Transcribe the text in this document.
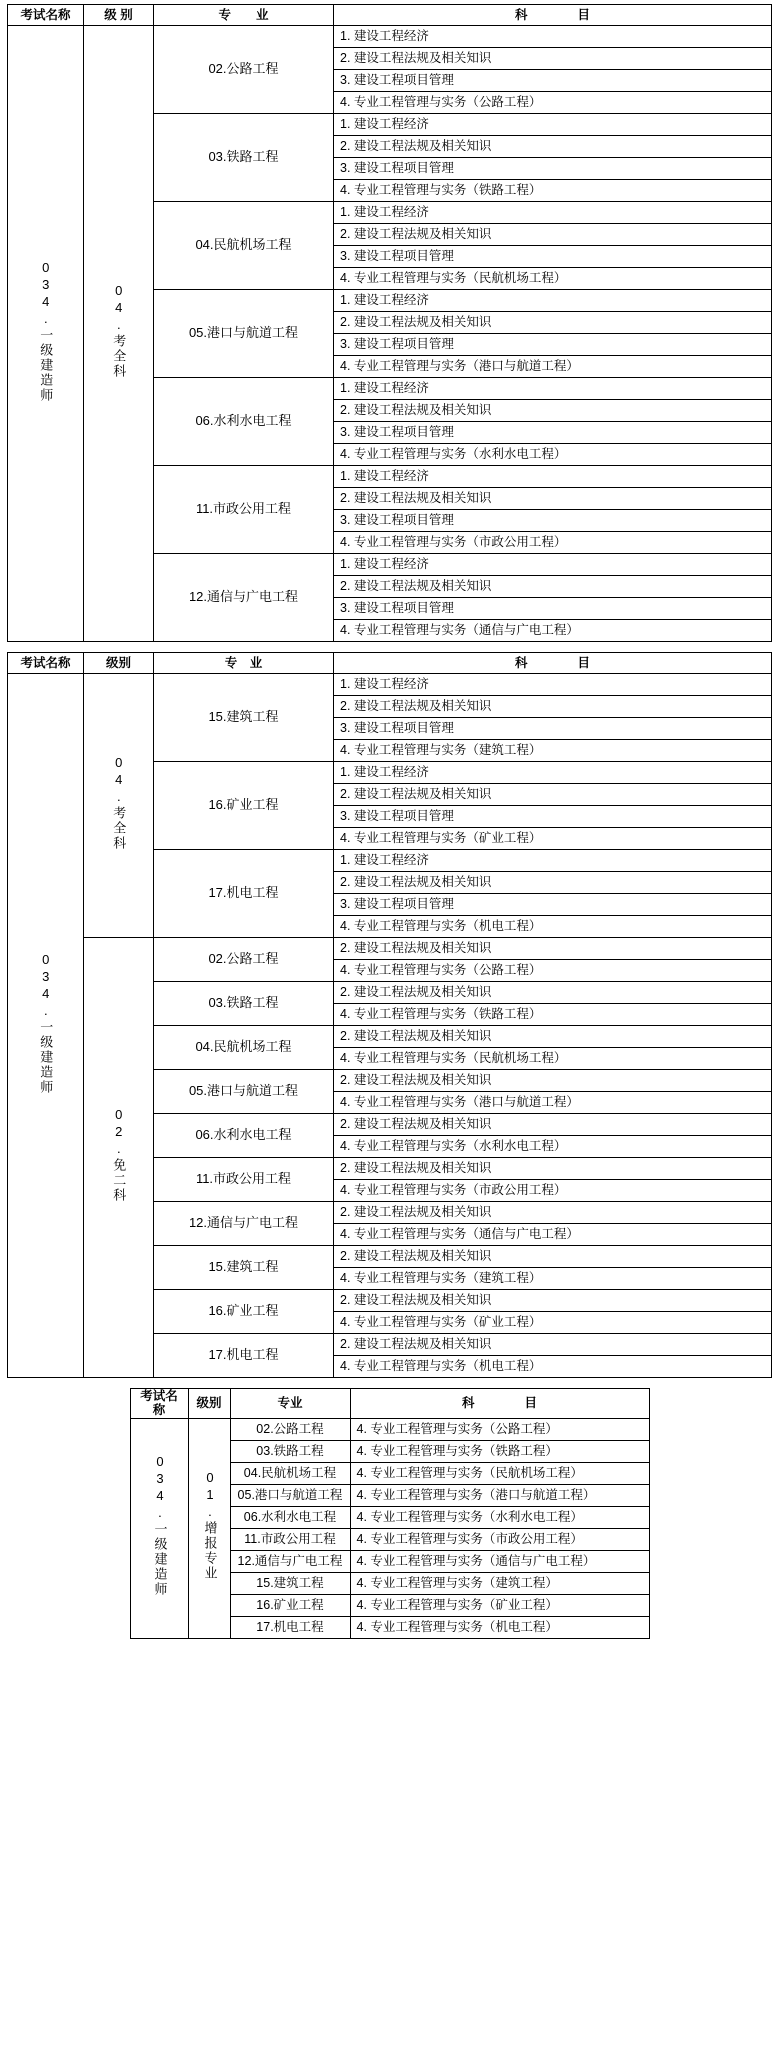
考试名称	级 别	专　　业	科　　　　目
034.一级建造师	04.考全科	02.公路工程	1. 建设工程经济
			2. 建设工程法规及相关知识
			3. 建设工程项目管理
			4. 专业工程管理与实务（公路工程）
		03.铁路工程	1. 建设工程经济
			2. 建设工程法规及相关知识
			3. 建设工程项目管理
			4. 专业工程管理与实务（铁路工程）
		04.民航机场工程	1. 建设工程经济
			2. 建设工程法规及相关知识
			3. 建设工程项目管理
			4. 专业工程管理与实务（民航机场工程）
		05.港口与航道工程	1. 建设工程经济
			2. 建设工程法规及相关知识
			3. 建设工程项目管理
			4. 专业工程管理与实务（港口与航道工程）
		06.水利水电工程	1. 建设工程经济
			2. 建设工程法规及相关知识
			3. 建设工程项目管理
			4. 专业工程管理与实务（水利水电工程）
		11.市政公用工程	1. 建设工程经济
			2. 建设工程法规及相关知识
			3. 建设工程项目管理
			4. 专业工程管理与实务（市政公用工程）
		12.通信与广电工程	1. 建设工程经济
			2. 建设工程法规及相关知识
			3. 建设工程项目管理
			4. 专业工程管理与实务（通信与广电工程）
考试名称	级别	专　业	科　　　　目
034.一级建造师	04.考全科	15.建筑工程	1. 建设工程经济
			2. 建设工程法规及相关知识
			3. 建设工程项目管理
			4. 专业工程管理与实务（建筑工程）
		16.矿业工程	1. 建设工程经济
			2. 建设工程法规及相关知识
			3. 建设工程项目管理
			4. 专业工程管理与实务（矿业工程）
		17.机电工程	1. 建设工程经济
			2. 建设工程法规及相关知识
			3. 建设工程项目管理
			4. 专业工程管理与实务（机电工程）
	02.免二科	02.公路工程	2. 建设工程法规及相关知识
			4. 专业工程管理与实务（公路工程）
		03.铁路工程	2. 建设工程法规及相关知识
			4. 专业工程管理与实务（铁路工程）
		04.民航机场工程	2. 建设工程法规及相关知识
			4. 专业工程管理与实务（民航机场工程）
		05.港口与航道工程	2. 建设工程法规及相关知识
			4. 专业工程管理与实务（港口与航道工程）
		06.水利水电工程	2. 建设工程法规及相关知识
			4. 专业工程管理与实务（水利水电工程）
		11.市政公用工程	2. 建设工程法规及相关知识
			4. 专业工程管理与实务（市政公用工程）
		12.通信与广电工程	2. 建设工程法规及相关知识
			4. 专业工程管理与实务（通信与广电工程）
		15.建筑工程	2. 建设工程法规及相关知识
			4. 专业工程管理与实务（建筑工程）
		16.矿业工程	2. 建设工程法规及相关知识
			4. 专业工程管理与实务（矿业工程）
		17.机电工程	2. 建设工程法规及相关知识
			4. 专业工程管理与实务（机电工程）
考试名称	级别	专业	科　　　　目
034.一级建造师	01.增报专业	02.公路工程	4. 专业工程管理与实务（公路工程）
		03.铁路工程	4. 专业工程管理与实务（铁路工程）
		04.民航机场工程	4. 专业工程管理与实务（民航机场工程）
		05.港口与航道工程	4. 专业工程管理与实务（港口与航道工程）
		06.水利水电工程	4. 专业工程管理与实务（水利水电工程）
		11.市政公用工程	4. 专业工程管理与实务（市政公用工程）
		12.通信与广电工程	4. 专业工程管理与实务（通信与广电工程）
		15.建筑工程	4. 专业工程管理与实务（建筑工程）
		16.矿业工程	4. 专业工程管理与实务（矿业工程）
		17.机电工程	4. 专业工程管理与实务（机电工程）
